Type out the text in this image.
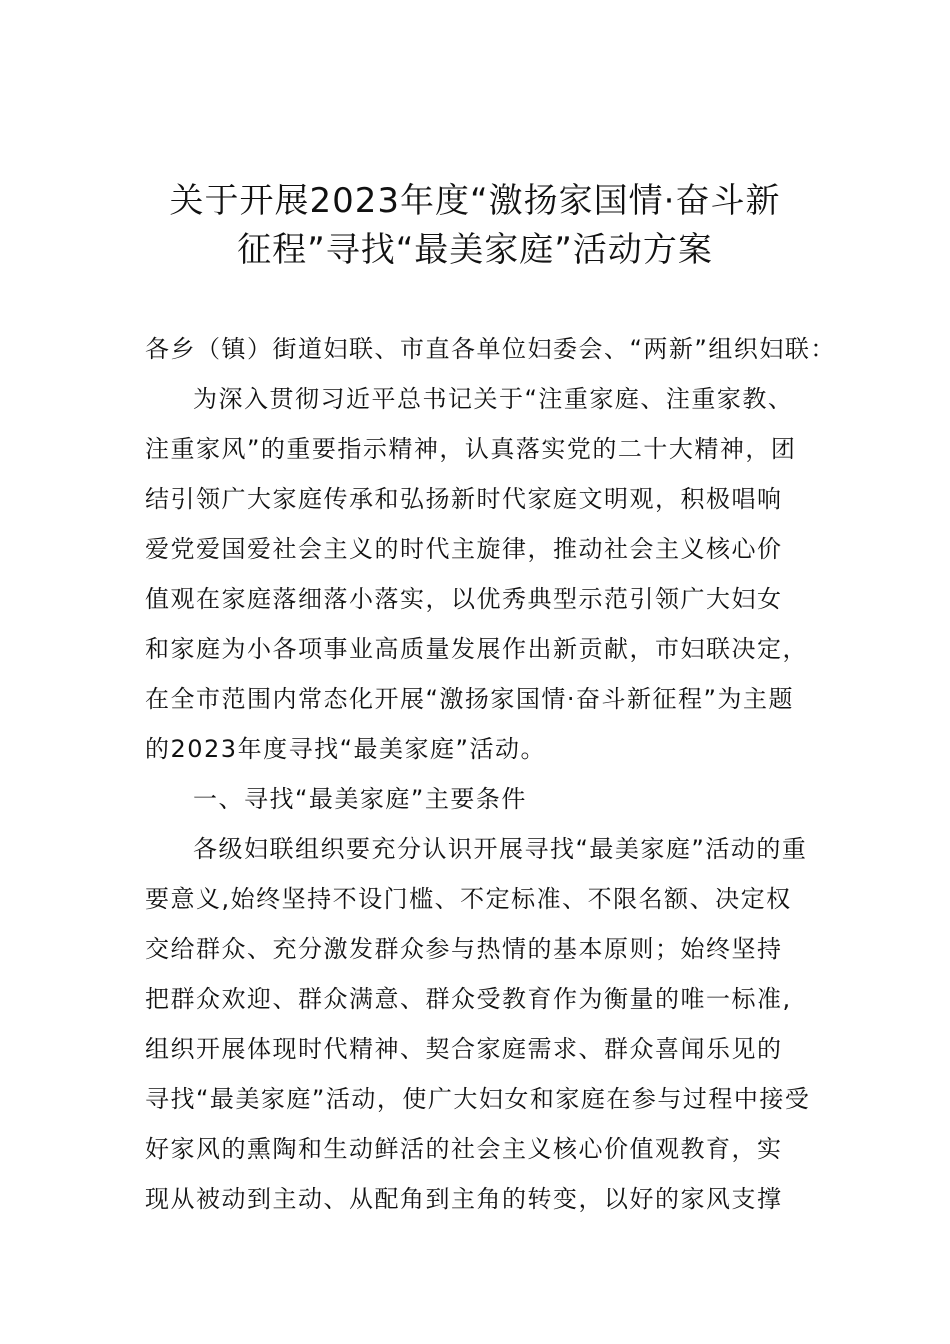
关于开展2023年度“激扬家国情·奋斗新
征程”寻找“最美家庭”活动方案
各乡（镇）街道妇联、市直各单位妇委会、“两新”组织妇联：
为深入贯彻习近平总书记关于“注重家庭、注重家教、
注重家风”的重要指示精神，认真落实党的二十大精神，团
结引领广大家庭传承和弘扬新时代家庭文明观，积极唱响
爱党爱国爱社会主义的时代主旋律，推动社会主义核心价
值观在家庭落细落小落实，以优秀典型示范引领广大妇女
和家庭为小各项事业高质量发展作出新贡献，市妇联决定，
在全市范围内常态化开展“激扬家国情·奋斗新征程”为主题
的2023年度寻找“最美家庭”活动。
一、寻找“最美家庭”主要条件
各级妇联组织要充分认识开展寻找“最美家庭”活动的重
要意义,始终坚持不设门槛、不定标准、不限名额、决定权
交给群众、充分激发群众参与热情的基本原则；始终坚持
把群众欢迎、群众满意、群众受教育作为衡量的唯一标准,
组织开展体现时代精神、契合家庭需求、群众喜闻乐见的
寻找“最美家庭”活动，使广大妇女和家庭在参与过程中接受
好家风的熏陶和生动鲜活的社会主义核心价值观教育，实
现从被动到主动、从配角到主角的转变，以好的家风支撑
